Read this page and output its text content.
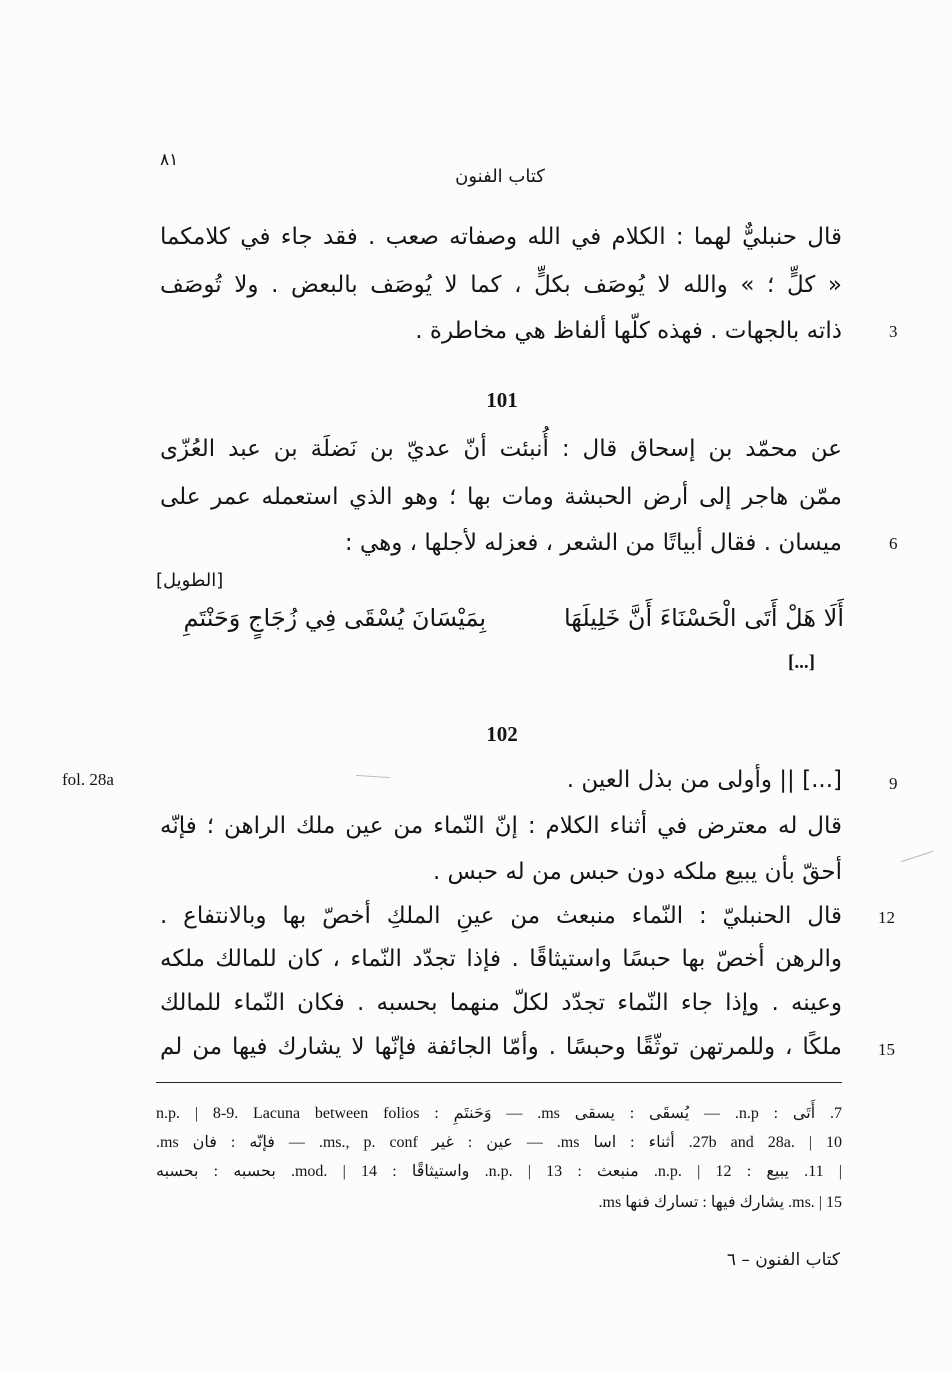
٨١
كتاب الفنون
قال حنبليٌّ لهما : الكلام في الله وصفاته صعب . فقد جاء في كلامكما
« كلٍّ ؛ » والله لا يُوصَف بكلٍّ ، كما لا يُوصَف بالبعض . ولا تُوصَف
ذاته بالجهات . فهذه كلّها ألفاظ هي مخاطرة .	3
101
عن محمّد بن إسحاق قال : أُنبئت أنّ عديّ بن نَضلَة بن عبد العُزّى
ممّن هاجر إلى أرض الحبشة ومات بها ؛ وهو الذي استعمله عمر على
ميسان . فقال أبياتًا من الشعر ، فعزله لأجلها ، وهي :	6
[الطويل]
أَلَا هَلْ أَتَى الْحَسْنَاءَ أَنَّ خَلِيلَهَا
بِمَيْسَانَ يُسْقَى فِي زُجَاجٍ وَحَنْتَمِ
[...]
102
fol. 28a	[...] || وأولى من بذل العين .	9
قال له معترض في أثناء الكلام : إنّ النّماء من عين ملك الراهن ؛ فإنّه
أحقّ بأن يبيع ملكه دون حبس من له حبس .
قال الحنبليّ : النّماء منبعث من عينِ الملكِ أخصّ بها وبالانتفاع . 12
والرهن أخصّ بها حبسًا واستيثاقًا . فإذا تجدّد النّماء ، كان للمالك ملكه
وعينه . وإذا جاء النّماء تجدّد لكلّ منهما بحسبه . فكان النّماء للمالك
ملكًا ، وللمرتهن توثّقًا وحبسًا . وأمّا الجائفة فإنّها لا يشارك فيها من لم 15
7. أَتَى : n.p. — يُسقَى : يسقى ms. — وَحَنتَمِ : n.p. | 8-9. Lacuna between folios
27b and 28a. | 10. أثناء : اسا ms. — عين : غير ms., p. conf. — فإنّه : فان ms.
| 11. يبيع : n.p. | 12. منبعث : n.p. | 13. واستيثاقًا : mod. | 14. بحسبه : بحسبه
ms. | 15. يشارك فيها : تسارك فنها ms.
كتاب الفنون – ٦
